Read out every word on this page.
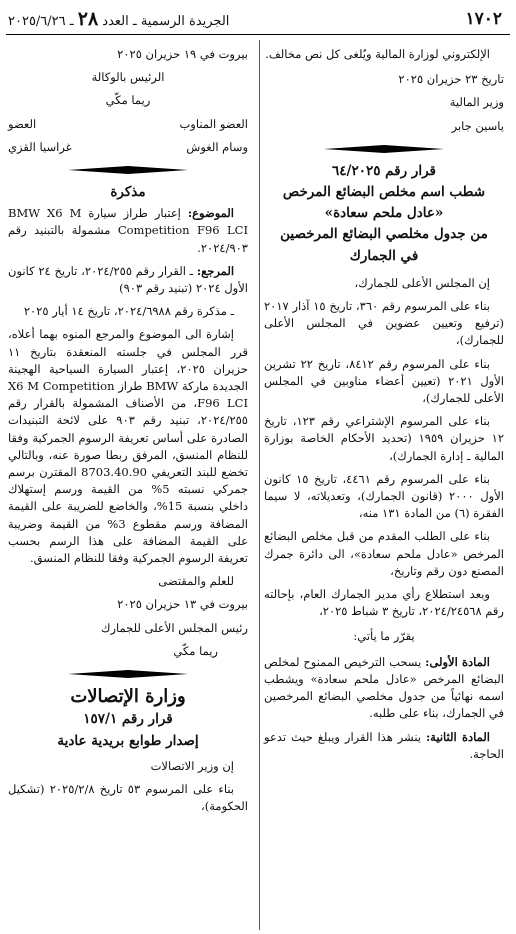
١٧٠٢
الجريدة الرسمية ـ العدد ٢٨ ـ ٢٠٢٥/٦/٢٦

الإلكتروني لوزارة المالية ويُلغى كل نص مخالف.

تاريخ ٢٣ حزيران ٢٠٢٥

وزير المالية

ياسين جابر

قرار رقم ٦٤/٢٠٢٥

شطب اسم مخلص البضائع المرخص

«عادل ملحم سعادة»

من جدول مخلصي البضائع المرخصين

في الجمارك

إن المجلس الأعلى للجمارك،

بناء على المرسوم رقم ٣٦٠، تاريخ ١٥ آذار ٢٠١٧ (ترفيع وتعيين عضوين في المجلس الأعلى للجمارك)،

بناء على المرسوم رقم ٨٤١٢، تاريخ ٢٢ تشرين الأول ٢٠٢١ (تعيين أعضاء مناوبين في المجلس الأعلى للجمارك)،

بناء على المرسوم الإشتراعي رقم ١٢٣، تاريخ ١٢ حزيران ١٩٥٩ (تحديد الأحكام الخاصة بوزارة المالية ـ إدارة الجمارك)،

بناء على المرسوم رقم ٤٤٦١، تاريخ ١٥ كانون الأول ٢٠٠٠ (قانون الجمارك)، وتعديلاته، لا سيما الفقرة (٦) من المادة ١٣١ منه،

بناء على الطلب المقدم من قبل مخلص البضائع المرخص «عادل ملحم سعادة»، الى دائرة جمرك المصنع دون رقم وتاريخ،

وبعد استطلاع رأي مدير الجمارك العام، بإحالته رقم ٢٠٢٤/٢٤٥٦٨، تاريخ ٣ شباط ٢٠٢٥،

يقرّر ما يأتي:

المادة الأولى: يسحب الترخيص الممنوح لمخلص البضائع المرخص «عادل ملحم سعادة» ويشطب اسمه نهائياً من جدول مخلصي البضائع المرخصين في الجمارك، بناء على طلبه.

المادة الثانية: ينشر هذا القرار ويبلغ حيث تدعو الحاجة.

بيروت في ١٩ حزيران ٢٠٢٥

الرئيس بالوكالة

ريما مكّي

العضو المناوب
العضو
وسام الغوش
غراسيا القزي

مذكرة

الموضوع: إعتبار طراز سيارة BMW X6 M Competition F96 LCI مشمولة بالتبنيد رقم ٢٠٢٤/٩٠٣.

المرجع: ـ القرار رقم ٢٠٢٤/٢٥٥، تاريخ ٢٤ كانون الأول ٢٠٢٤ (تبنيد رقم ٩٠٣)

ـ مذكرة رقم ٢٠٢٤/٦٩٨٨، تاريخ ١٤ أيار ٢٠٢٥

إشارة الى الموضوع والمرجع المنوه بهما أعلاه، قرر المجلس في جلسته المنعقدة بتاريخ ١١ حزيران ٢٠٢٥، إعتبار السيارة السياحية الهجينة الجديدة ماركة BMW طراز X6 M Competition F96 LCI، من الأصناف المشمولة بالقرار رقم ٢٠٢٤/٢٥٥، تبنيد رقم ٩٠٣ على لائحة التبنيدات الصادرة على أساس تعريفة الرسوم الجمركية وفقا للنظام المنسق، المرفق ربطا صورة عنه، وبالتالي تخضع للبند التعريفي 8703.40.90 المقترن برسم جمركي نسبته 5% من القيمة ورسم إستهلاك داخلي بنسبة 15%، والخاضع للضريبة على القيمة المضافة ورسم مقطوع 3% من القيمة وضريبة على القيمة المضافة على هذا الرسم بحسب تعريفة الرسوم الجمركية وفقا للنظام المنسق.

للعلم والمقتضى

بيروت في ١٣ حزيران ٢٠٢٥

رئيس المجلس الأعلى للجمارك

ريما مكّي

وزارة الإتصالات

قرار رقم ١٥٧/١

إصدار طوابع بريدية عادية

إن وزير الاتصالات

بناء على المرسوم ٥٣ تاريخ ٢٠٢٥/٢/٨ (تشكيل الحكومة)،
